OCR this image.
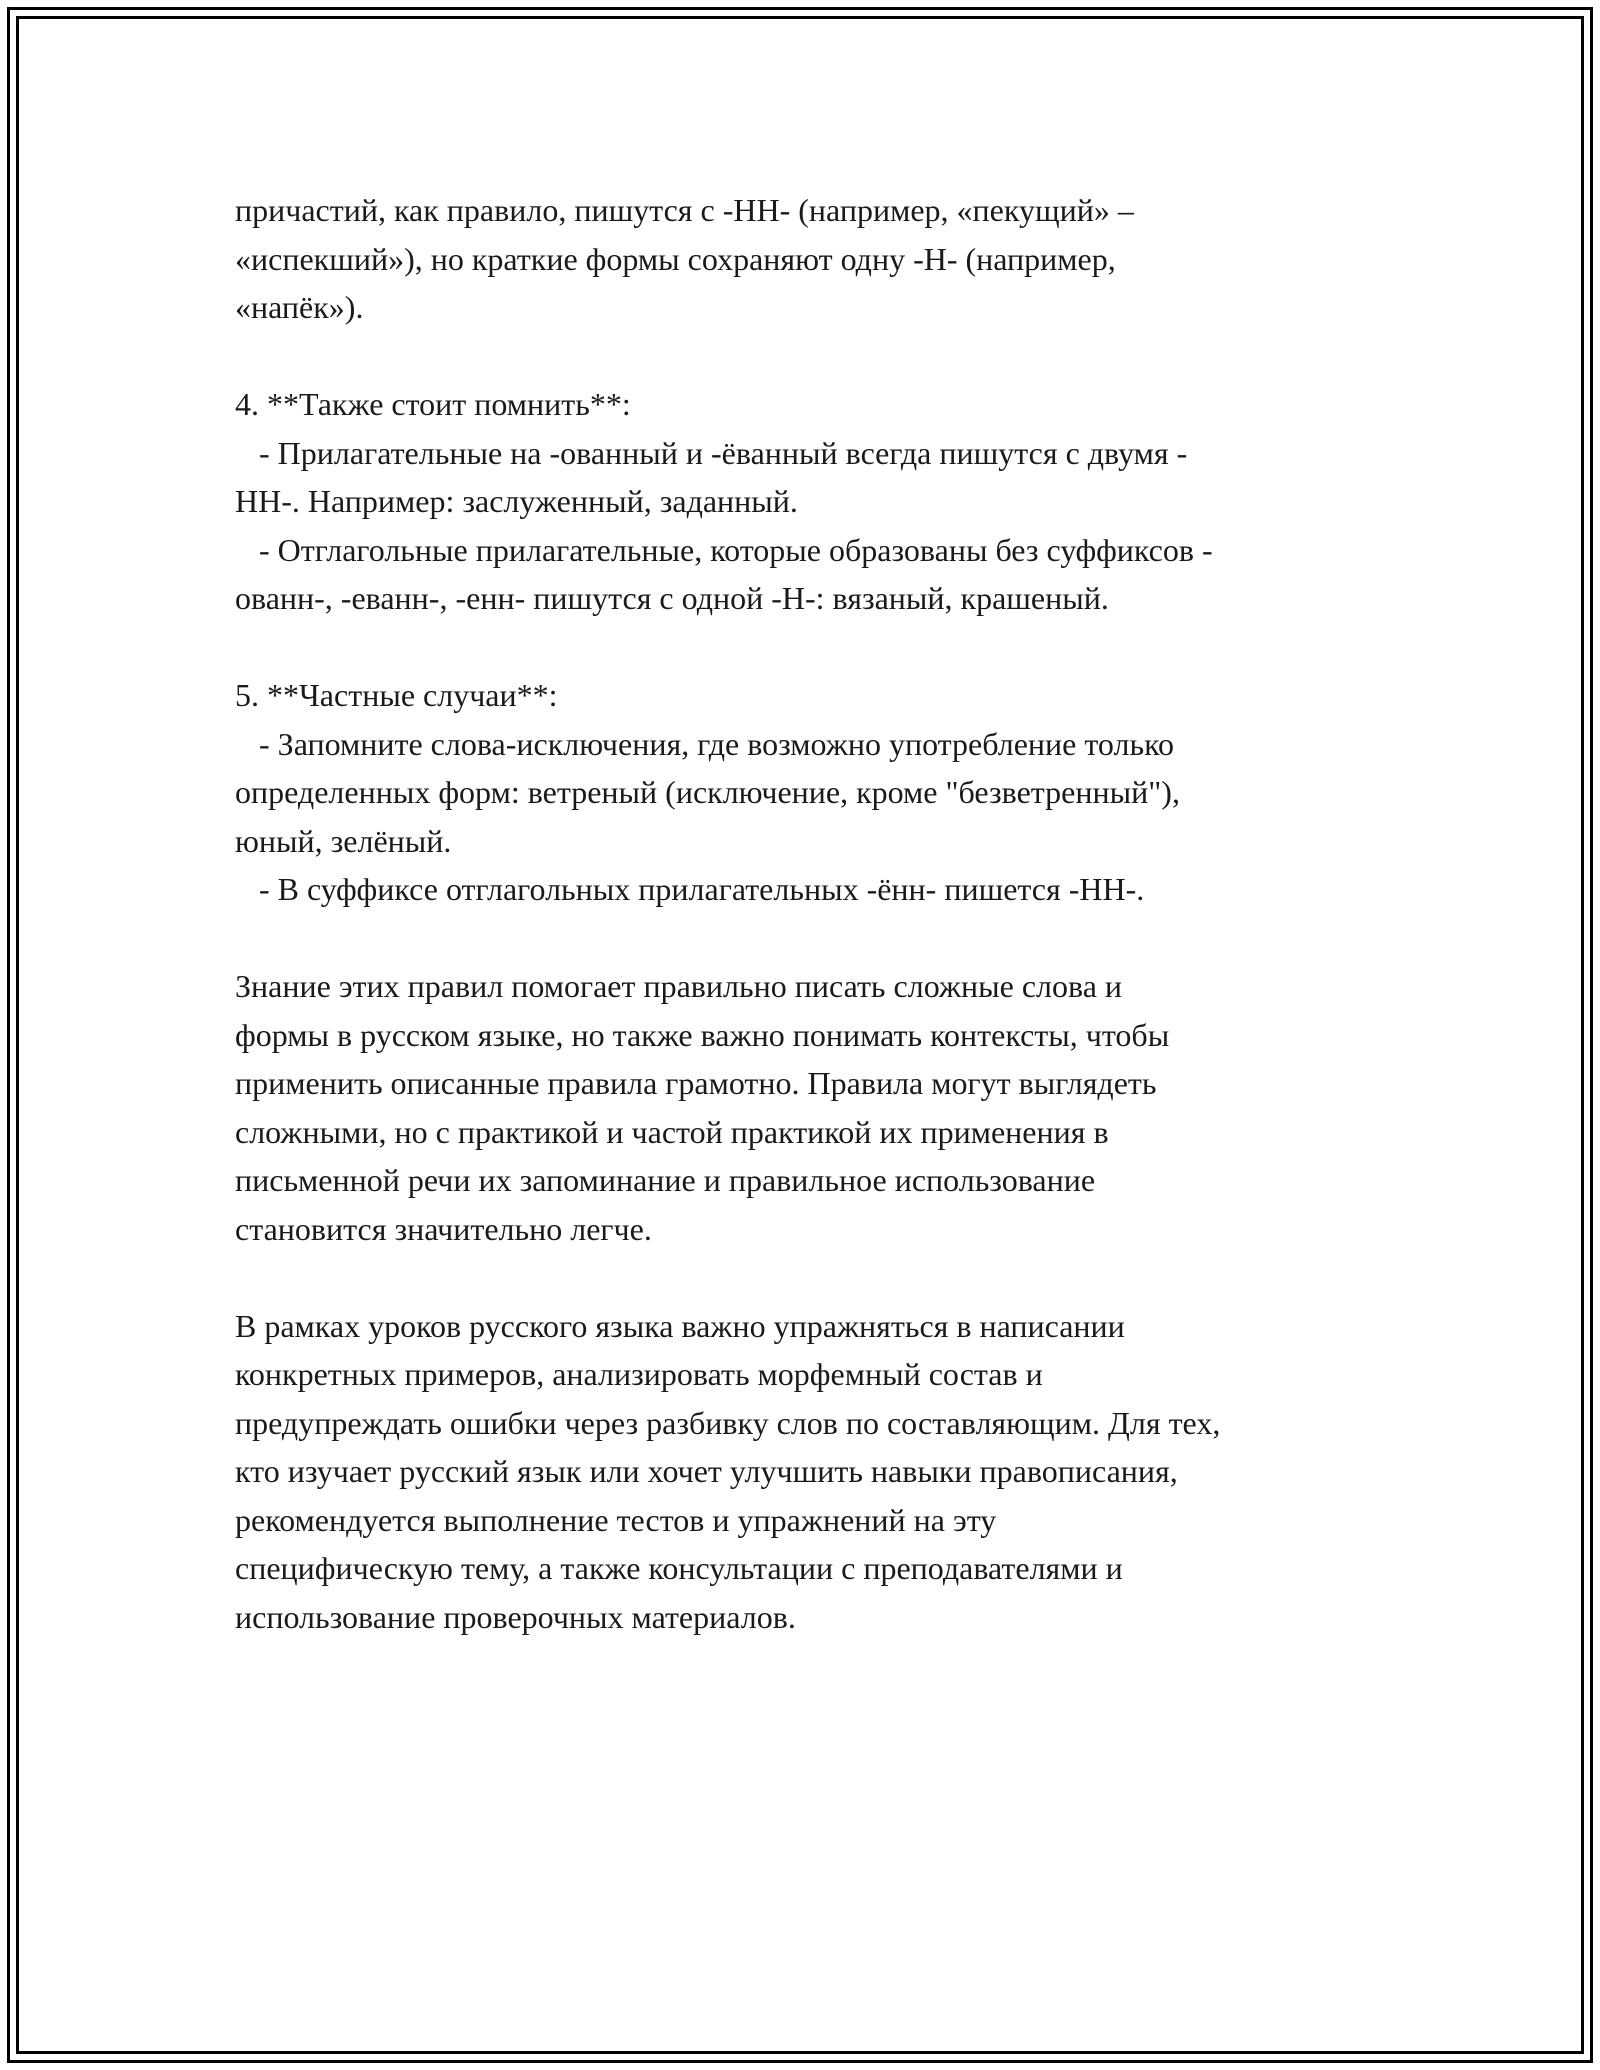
причастий, как правило, пишутся с -НН- (например, «пекущий» –
«испекший»), но краткие формы сохраняют одну -Н- (например,
«напёк»).
4. **Также стоит помнить**:
- Прилагательные на -ованный и -ёванный всегда пишутся с двумя -
НН-. Например: заслуженный, заданный.
- Отглагольные прилагательные, которые образованы без суффиксов -
ованн-, -еванн-, -енн- пишутся с одной -Н-: вязаный, крашеный.
5. **Частные случаи**:
- Запомните слова-исключения, где возможно употребление только
определенных форм: ветреный (исключение, кроме "безветренный"),
юный, зелёный.
- В суффиксе отглагольных прилагательных -ённ- пишется -НН-.
Знание этих правил помогает правильно писать сложные слова и
формы в русском языке, но также важно понимать контексты, чтобы
применить описанные правила грамотно. Правила могут выглядеть
сложными, но с практикой и частой практикой их применения в
письменной речи их запоминание и правильное использование
становится значительно легче.
В рамках уроков русского языка важно упражняться в написании
конкретных примеров, анализировать морфемный состав и
предупреждать ошибки через разбивку слов по составляющим. Для тех,
кто изучает русский язык или хочет улучшить навыки правописания,
рекомендуется выполнение тестов и упражнений на эту
специфическую тему, а также консультации с преподавателями и
использование проверочных материалов.
